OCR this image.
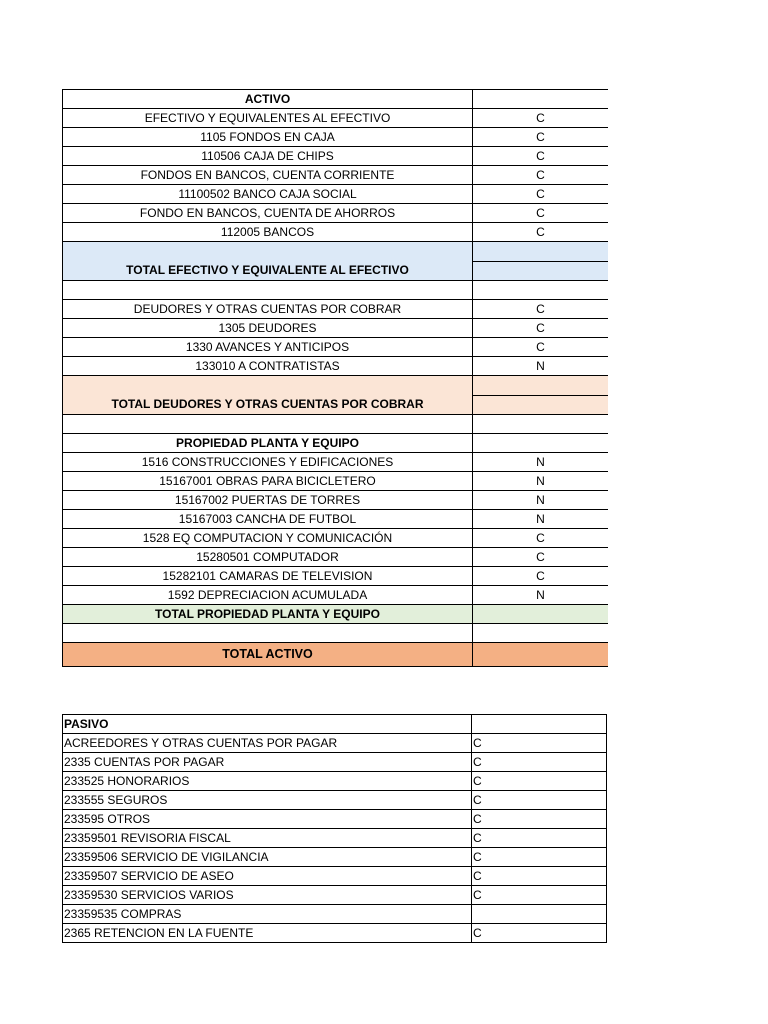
ACTIVO	
EFECTIVO Y EQUIVALENTES AL EFECTIVO	C
1105 FONDOS EN CAJA	C
110506 CAJA DE CHIPS	C
FONDOS EN BANCOS, CUENTA CORRIENTE	C
11100502 BANCO CAJA SOCIAL	C
FONDO EN BANCOS, CUENTA DE AHORROS	C
112005 BANCOS	C
TOTAL EFECTIVO Y EQUIVALENTE AL EFECTIVO	

DEUDORES Y OTRAS CUENTAS POR COBRAR	C
1305 DEUDORES	C
1330 AVANCES Y ANTICIPOS	C
133010 A CONTRATISTAS	N
TOTAL DEUDORES Y OTRAS CUENTAS POR COBRAR	

PROPIEDAD PLANTA Y EQUIPO	
1516 CONSTRUCCIONES Y EDIFICACIONES	N
15167001 OBRAS PARA BICICLETERO	N
15167002 PUERTAS DE TORRES	N
15167003 CANCHA DE FUTBOL	N
1528 EQ COMPUTACION Y COMUNICACIÓN	C
15280501 COMPUTADOR	C
15282101 CAMARAS DE TELEVISION	C
1592 DEPRECIACION ACUMULADA	N
TOTAL PROPIEDAD PLANTA Y EQUIPO	

TOTAL ACTIVO	
PASIVO	
ACREEDORES Y OTRAS CUENTAS POR PAGAR	C
2335 CUENTAS POR PAGAR	C
233525 HONORARIOS	C
233555 SEGUROS	C
233595 OTROS	C
23359501 REVISORIA FISCAL	C
23359506 SERVICIO DE VIGILANCIA	C
23359507 SERVICIO DE ASEO	C
23359530 SERVICIOS VARIOS	C
23359535 COMPRAS	
2365 RETENCION EN LA FUENTE	C
